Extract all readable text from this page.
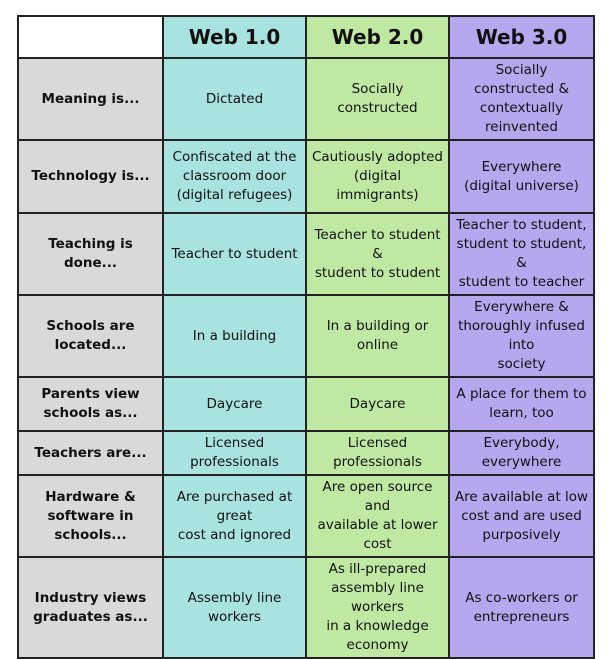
	Web 1.0	Web 2.0	Web 3.0

Meaning is...	Dictated	Socially constructed	Socially constructed &
contextually reinvented

Technology is...	Confiscated at the
classroom door
(digital refugees)	Cautiously adopted
(digital immigrants)	Everywhere
(digital universe)

Teaching is done...	Teacher to student	Teacher to student &
student to student	Teacher to student,
student to student, &
student to teacher

Schools are
located...	In a building	In a building or online	Everywhere &
thoroughly infused into
society

Parents view
schools as...	Daycare	Daycare	A place for them to
learn, too

Teachers are...	Licensed professionals	Licensed professionals	Everybody, everywhere

Hardware &
software in
schools...	Are purchased at great
cost and ignored	Are open source and
available at lower cost	Are available at low
cost and are used
purposively

Industry views
graduates as...	Assembly line workers	As ill-prepared
assembly line workers
in a knowledge
economy	As co-workers or
entrepreneurs
